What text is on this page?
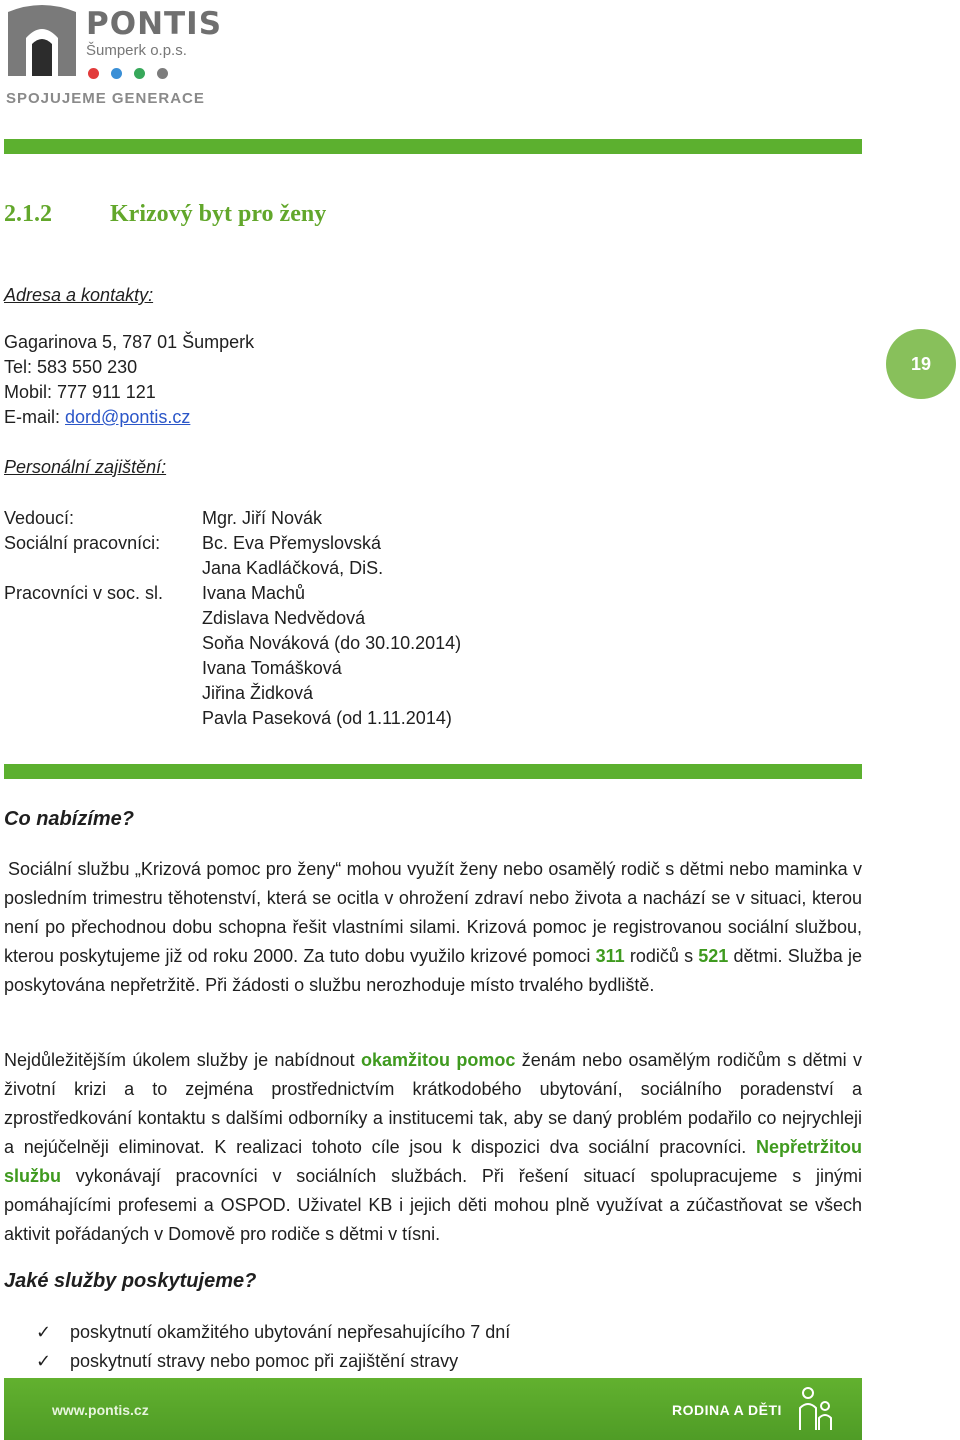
PONTIS
Šumperk o.p.s.
SPOJUJEME GENERACE
2.1.2 Krizový byt pro ženy
Adresa a kontakty:
Gagarinova 5, 787 01 Šumperk
Tel: 583 550 230
Mobil: 777 911 121
E-mail: dord@pontis.cz
19
Personální zajištění:
Vedoucí:
Sociální pracovníci:
Pracovníci v soc. sl.
Mgr. Jiří Novák
Bc. Eva Přemyslovská
Jana Kadláčková, DiS.
Ivana Machů
Zdislava Nedvědová
Soňa Nováková (do 30.10.2014)
Ivana Tomášková
Jiřina Židková
Pavla Paseková (od 1.11.2014)
Co nabízíme?
Sociální službu „Krizová pomoc pro ženy“ mohou využít ženy nebo osamělý rodič s dětmi nebo maminka v posledním trimestru těhotenství, která se ocitla v ohrožení zdraví nebo života a nachází se v situaci, kterou není po přechodnou dobu schopna řešit vlastními silami. Krizová pomoc je registrovanou sociální službou, kterou poskytujeme již od roku 2000. Za tuto dobu využilo krizové pomoci 311 rodičů s 521 dětmi. Služba je poskytována nepřetržitě. Při žádosti o službu nerozhoduje místo trvalého bydliště.
Nejdůležitějším úkolem služby je nabídnout okamžitou pomoc ženám nebo osamělým rodičům s dětmi v životní krizi a to zejména prostřednictvím krátkodobého ubytování, sociálního poradenství a zprostředkování kontaktu s dalšími odborníky a institucemi tak, aby se daný problém podařilo co nejrychleji a nejúčelněji eliminovat. K realizaci tohoto cíle jsou k dispozici dva sociální pracovníci. Nepřetržitou službu vykonávají pracovníci v sociálních službách. Při řešení situací spolupracujeme s jinými pomáhajícími profesemi a OSPOD. Uživatel KB i jejich děti mohou plně využívat a zúčastňovat se všech aktivit pořádaných v Domově pro rodiče s dětmi v tísni.
Jaké služby poskytujeme?
✓ poskytnutí okamžitého ubytování nepřesahujícího 7 dní
✓ poskytnutí stravy nebo pomoc při zajištění stravy
www.pontis.cz	RODINA A DĚTI
